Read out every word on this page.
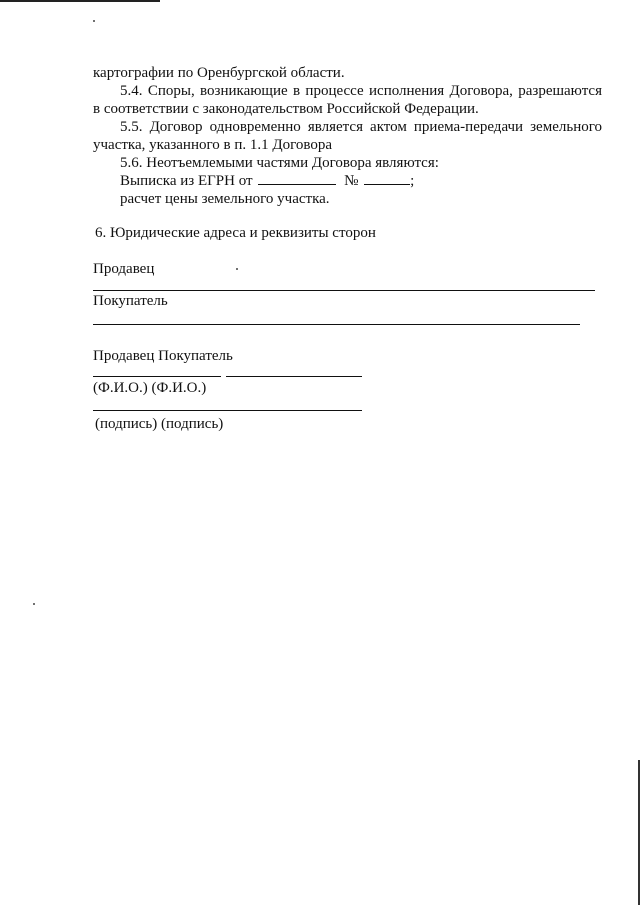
картографии по Оренбургской области.
5.4. Споры, возникающие в процессе исполнения Договора, разрешаются
в соответствии с законодательством Российской Федерации.
5.5. Договор одновременно является актом приема-передачи земельного
участка, указанного в п. 1.1 Договора
5.6. Неотъемлемыми частями Договора являются:
Выписка из ЕГРН от	№	;
расчет цены земельного участка.
6. Юридические адреса и реквизиты сторон
Продавец
Покупатель
Продавец Покупатель
(Ф.И.О.) (Ф.И.О.)
(подпись) (подпись)
